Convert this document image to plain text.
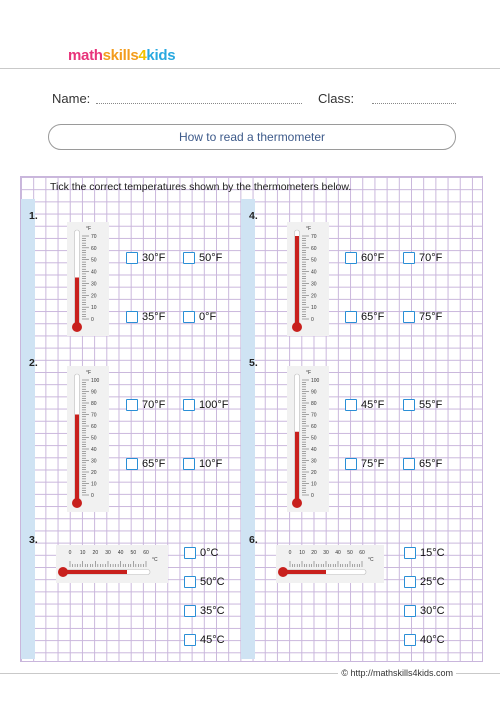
mathskills4kids
Name:	Class:
How to read a thermometer
Tick the correct temperatures shown by the thermometers below.
1.
70
60
50
40
30
20
10
0
°F
30°F	50°F
35°F	0°F
2.
100
90
80
70
60
50
40
30
20
10
0
°F
70°F	100°F
65°F	10°F
3.
0 10 20 30 40 50 60
°C
0°C
50°C
35°C
45°C
4.
70
60
50
40
30
20
10
0
°F
60°F	70°F
65°F	75°F
5.
100
90
80
70
60
50
40
30
20
10
0
°F
45°F	55°F
75°F	65°F
6.
0 10 20 30 40 50 60
°C
15°C
25°C
30°C
40°C
© http://mathskills4kids.com
